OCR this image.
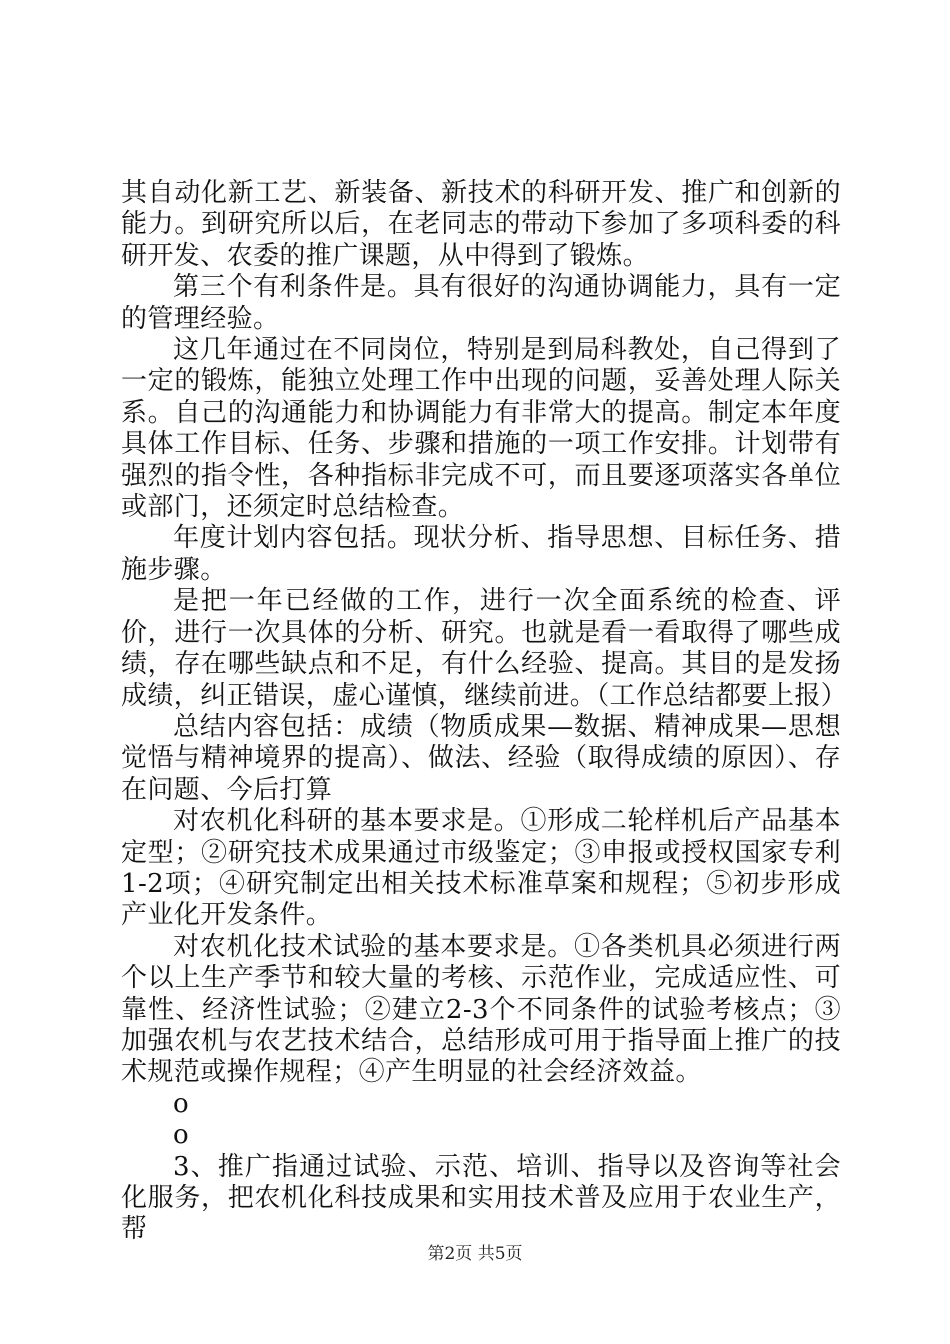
其自动化新工艺、新装备、新技术的科研开发、推广和创新的能力。到研究所以后，在老同志的带动下参加了多项科委的科研开发、农委的推广课题，从中得到了锻炼。

第三个有利条件是。具有很好的沟通协调能力，具有一定的管理经验。

这几年通过在不同岗位，特别是到局科教处，自己得到了一定的锻炼，能独立处理工作中出现的问题，妥善处理人际关系。自己的沟通能力和协调能力有非常大的提高。制定本年度具体工作目标、任务、步骤和措施的一项工作安排。计划带有强烈的指令性，各种指标非完成不可，而且要逐项落实各单位或部门，还须定时总结检查。

年度计划内容包括。现状分析、指导思想、目标任务、措施步骤。

是把一年已经做的工作，进行一次全面系统的检查、评价，进行一次具体的分析、研究。也就是看一看取得了哪些成绩，存在哪些缺点和不足，有什么经验、提高。其目的是发扬成绩，纠正错误，虚心谨慎，继续前进。（工作总结都要上报）

总结内容包括：成绩（物质成果—数据、精神成果—思想觉悟与精神境界的提高）、做法、经验（取得成绩的原因）、存在问题、今后打算

对农机化科研的基本要求是。①形成二轮样机后产品基本定型；②研究技术成果通过市级鉴定；③申报或授权国家专利1-2项；④研究制定出相关技术标准草案和规程；⑤初步形成产业化开发条件。

对农机化技术试验的基本要求是。①各类机具必须进行两个以上生产季节和较大量的考核、示范作业，完成适应性、可靠性、经济性试验；②建立2-3个不同条件的试验考核点；③加强农机与农艺技术结合，总结形成可用于指导面上推广的技术规范或操作规程；④产生明显的社会经济效益。

o

o

3、推广指通过试验、示范、培训、指导以及咨询等社会化服务，把农机化科技成果和实用技术普及应用于农业生产，帮

第2页 共5页
